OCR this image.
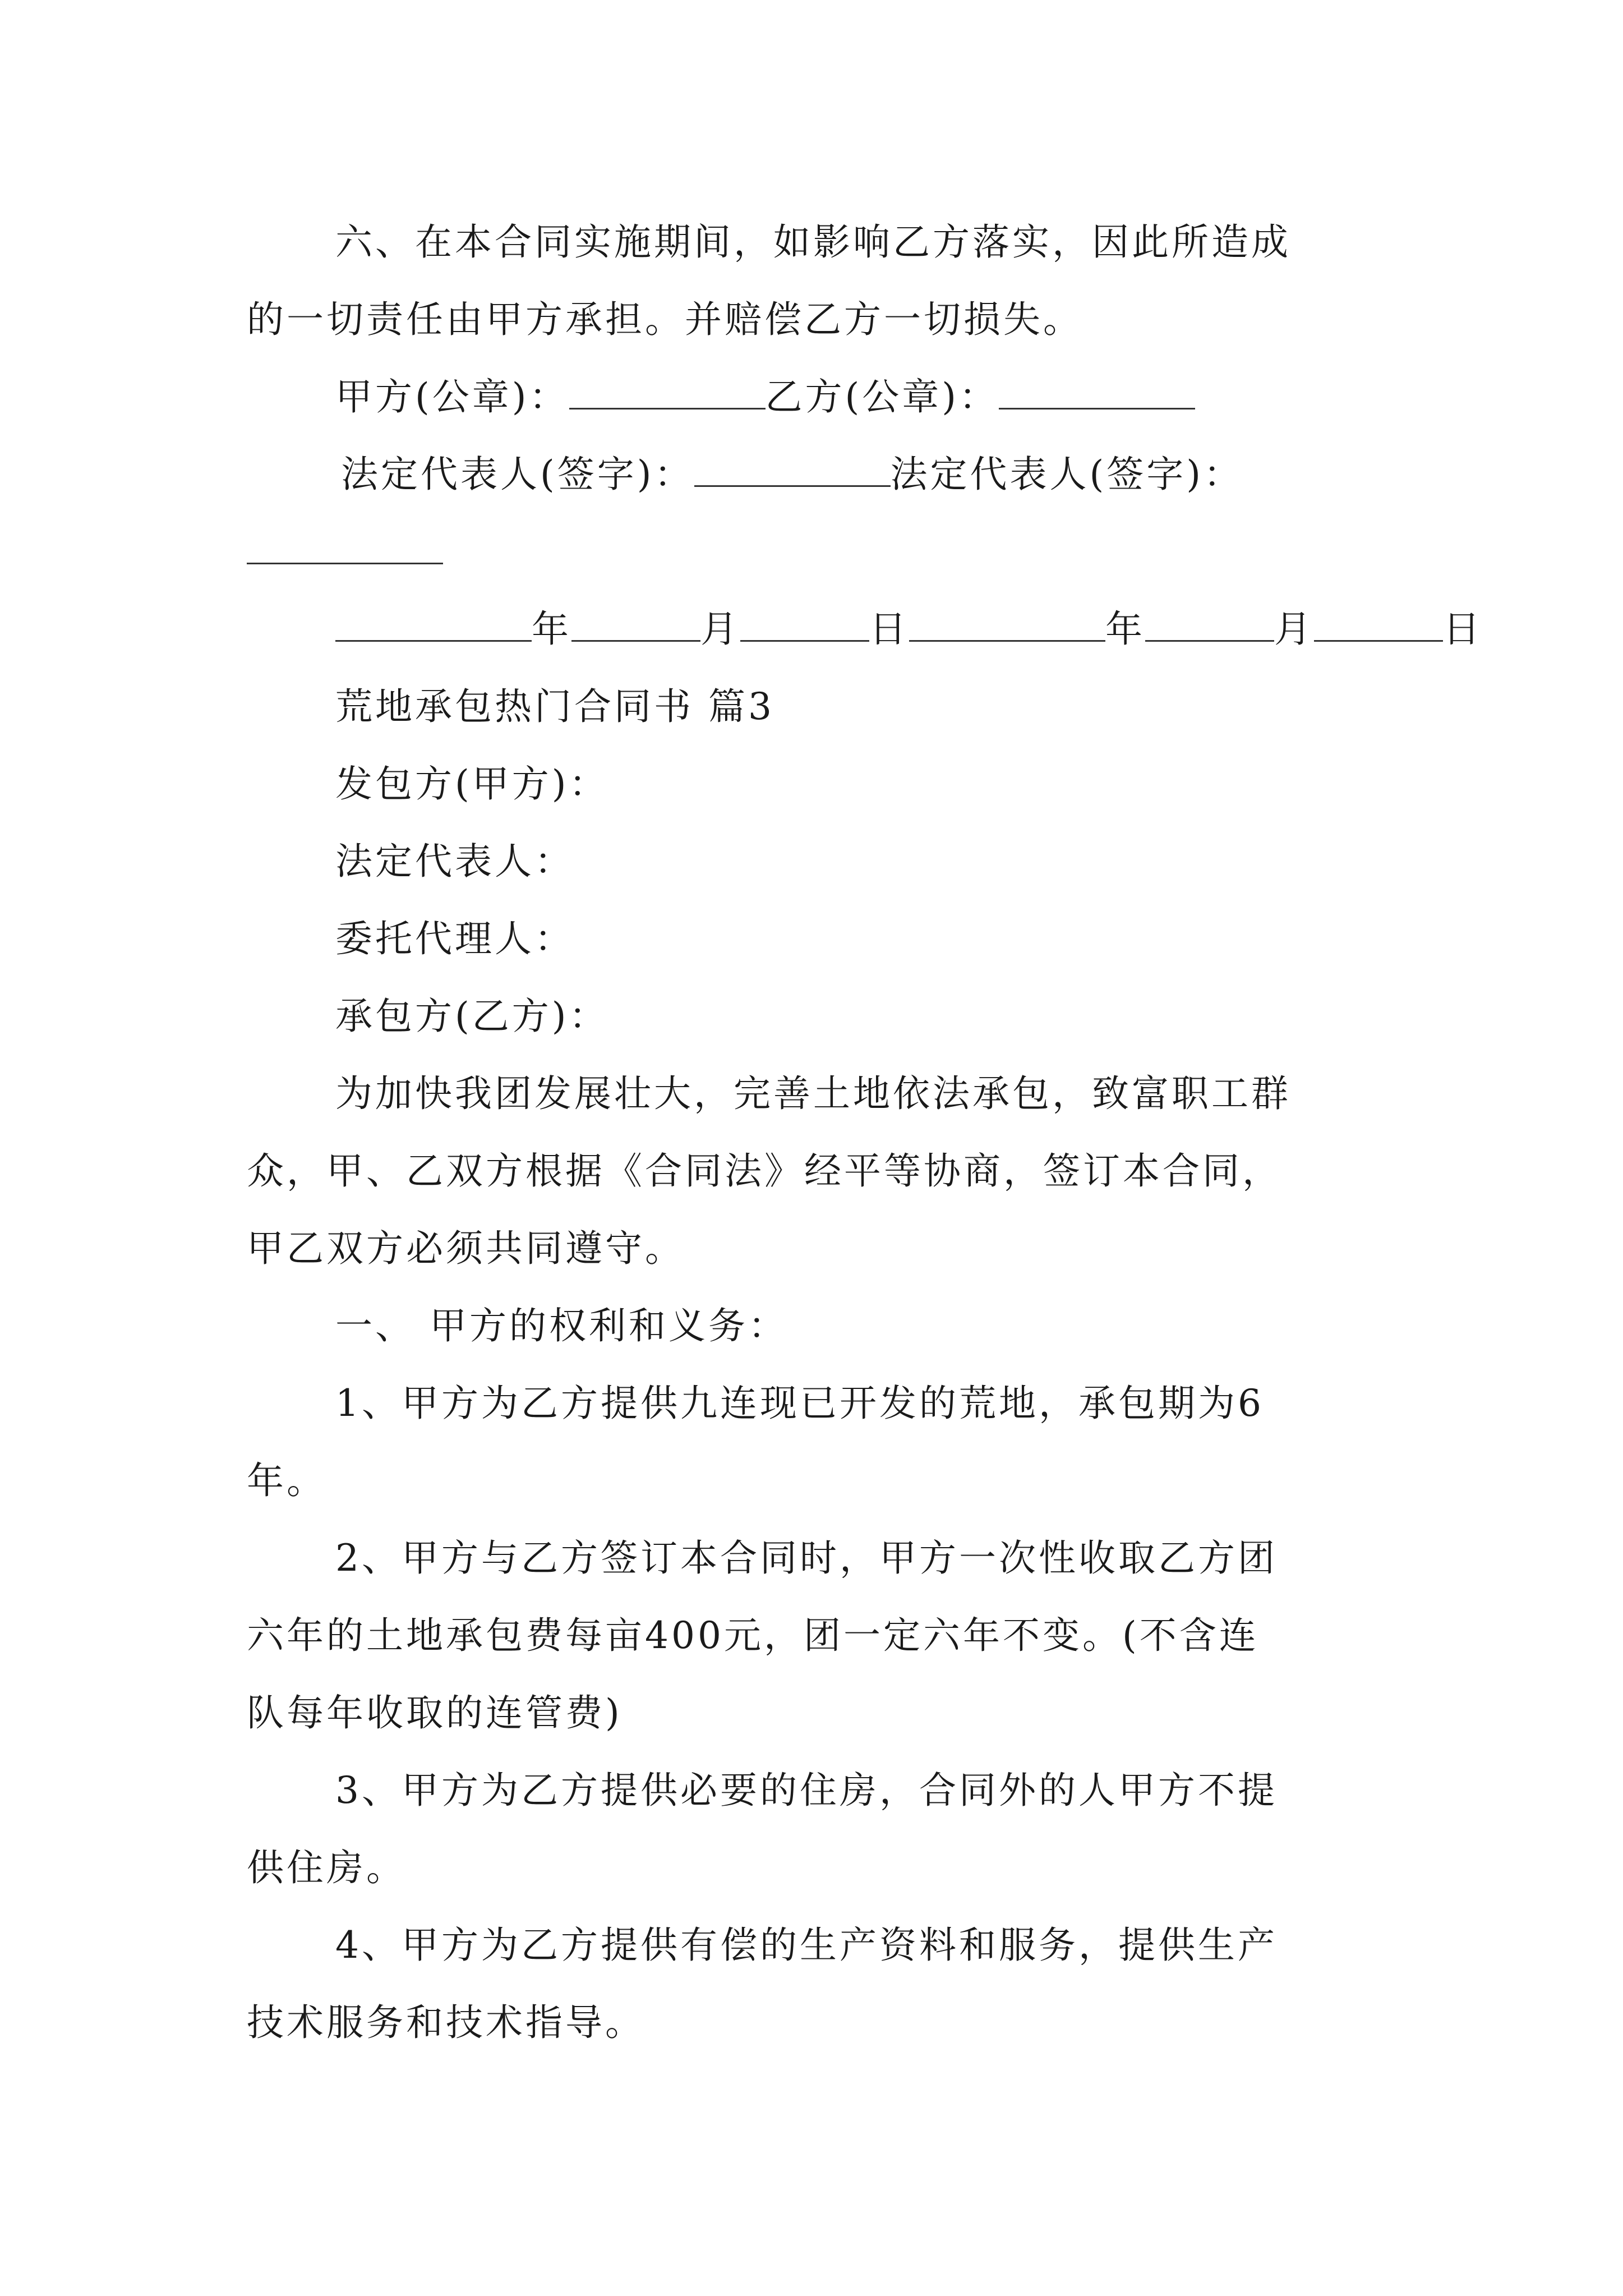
六、在本合同实施期间，如影响乙方落实，因此所造成
的一切责任由甲方承担。并赔偿乙方一切损失。
甲方(公章)：	乙方(公章)：
法定代表人(签字)：	法定代表人(签字)：
年	月	日	年	月	日
荒地承包热门合同书 篇3
发包方(甲方)：
法定代表人：
委托代理人：
承包方(乙方)：
为加快我团发展壮大，完善土地依法承包，致富职工群
众，甲、乙双方根据《合同法》经平等协商，签订本合同，
甲乙双方必须共同遵守。
一、 甲方的权利和义务：
1、甲方为乙方提供九连现已开发的荒地，承包期为6
年。
2、甲方与乙方签订本合同时，甲方一次性收取乙方团
六年的土地承包费每亩400元，团一定六年不变。(不含连
队每年收取的连管费)
3、甲方为乙方提供必要的住房，合同外的人甲方不提
供住房。
4、甲方为乙方提供有偿的生产资料和服务，提供生产
技术服务和技术指导。
